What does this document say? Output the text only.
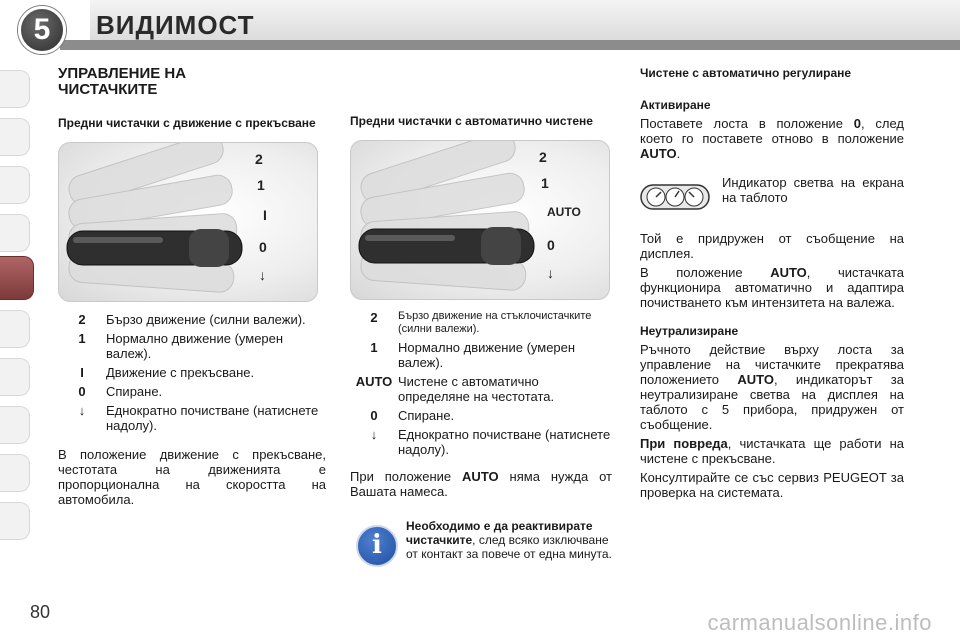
5	ВИДИМОСТ
УПРАВЛЕНИЕ НА ЧИСТАЧКИТЕ
Предни чистачки с движение с прекъсване
2
1
I
0
↓
2	Бързо движение (силни валежи).
1	Нормално движение (умерен валеж).
I	Движение с прекъсване.
0	Спиране.
↓	Еднократно почистване (натиснете надолу).
В положение движение с прекъсване, честотата на движенията е пропорционална на скоростта на автомобила.
Предни чистачки с автоматично чистене
2
1
AUTO
0
↓
2	Бързо движение на стъклочистачките (силни валежи).
1	Нормално движение (умерен валеж).
AUTO Чистене с автоматично определяне на честотата.
0	Спиране.
↓	Еднократно почистване (натиснете надолу).
При положение AUTO няма нужда от Вашата намеса.
i
Необходимо е да реактивирате чистачките, след всяко изключване от контакт за повече от една минута.
Чистене с автоматично регулиране
Активиране
Поставете лоста в положение 0, след което го поставете отново в положение AUTO.
Индикатор светва на екрана на таблото
Той е придружен от съобщение на дисплея.
В положение AUTO, чистачката функционира автоматично и адаптира почистването към интензитета на валежа.
Неутрализиране
Ръчното действие върху лоста за управление на чистачките прекратява положението AUTO, индикаторът за неутрализиране светва на дисплея на таблото с 5 прибора, придружен от съобщение.
При повреда, чистачката ще работи на чистене с прекъсване.
Консултирайте се със сервиз PEUGEOT за проверка на системата.
80	carmanualsonline.info
